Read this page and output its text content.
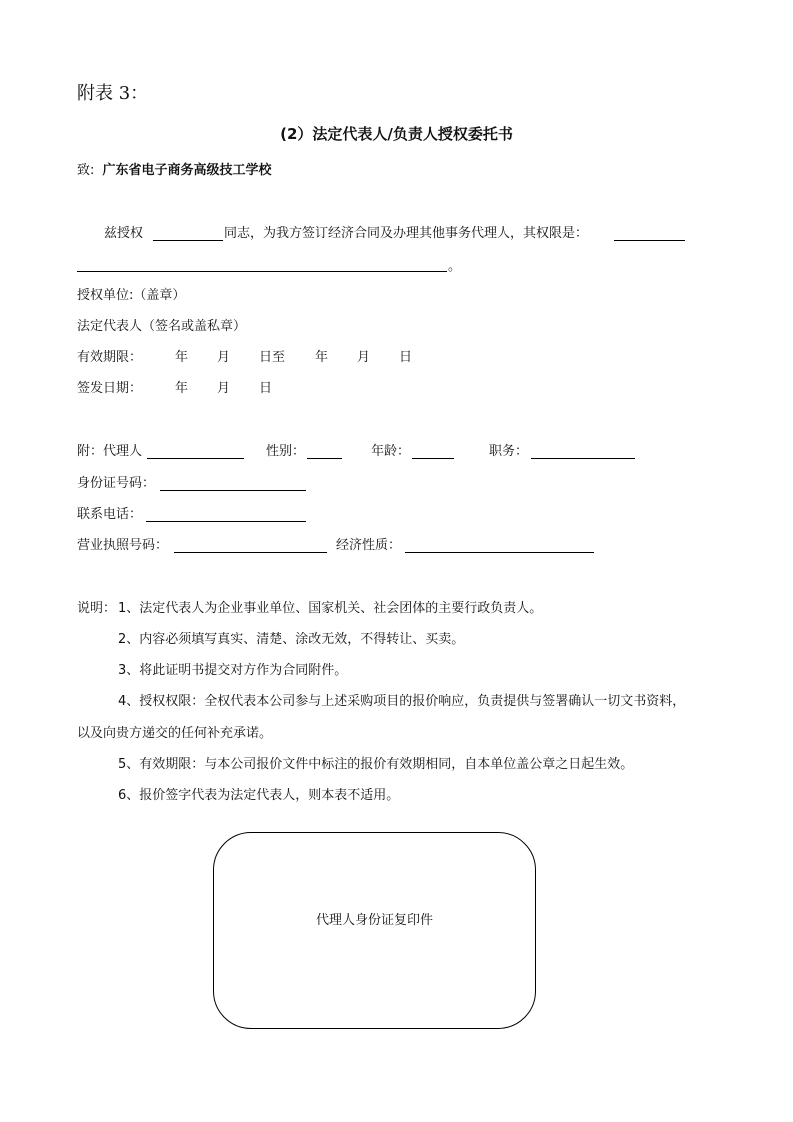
附表 3：
(2）法定代表人/负责人授权委托书
致: 广东省电子商务高级技工学校
兹授权	同志，为我方签订经济合同及办理其他事务代理人，其权限是：
。
授权单位:（盖章）
法定代表人（签名或盖私章）
有效期限：	年 月 日至 年 月 日
签发日期：	年 月 日
附：代理人	性别：	年龄：	职务：
身份证号码：
联系电话：
营业执照号码：	经济性质：
说明： 1、法定代表人为企业事业单位、国家机关、社会团体的主要行政负责人。
2、内容必须填写真实、清楚、涂改无效，不得转让、买卖。
3、将此证明书提交对方作为合同附件。
4、授权权限：全权代表本公司参与上述采购项目的报价响应，负责提供与签署确认一切文书资料，
以及向贵方递交的任何补充承诺。
5、有效期限：与本公司报价文件中标注的报价有效期相同，自本单位盖公章之日起生效。
6、报价签字代表为法定代表人，则本表不适用。
代理人身份证复印件
